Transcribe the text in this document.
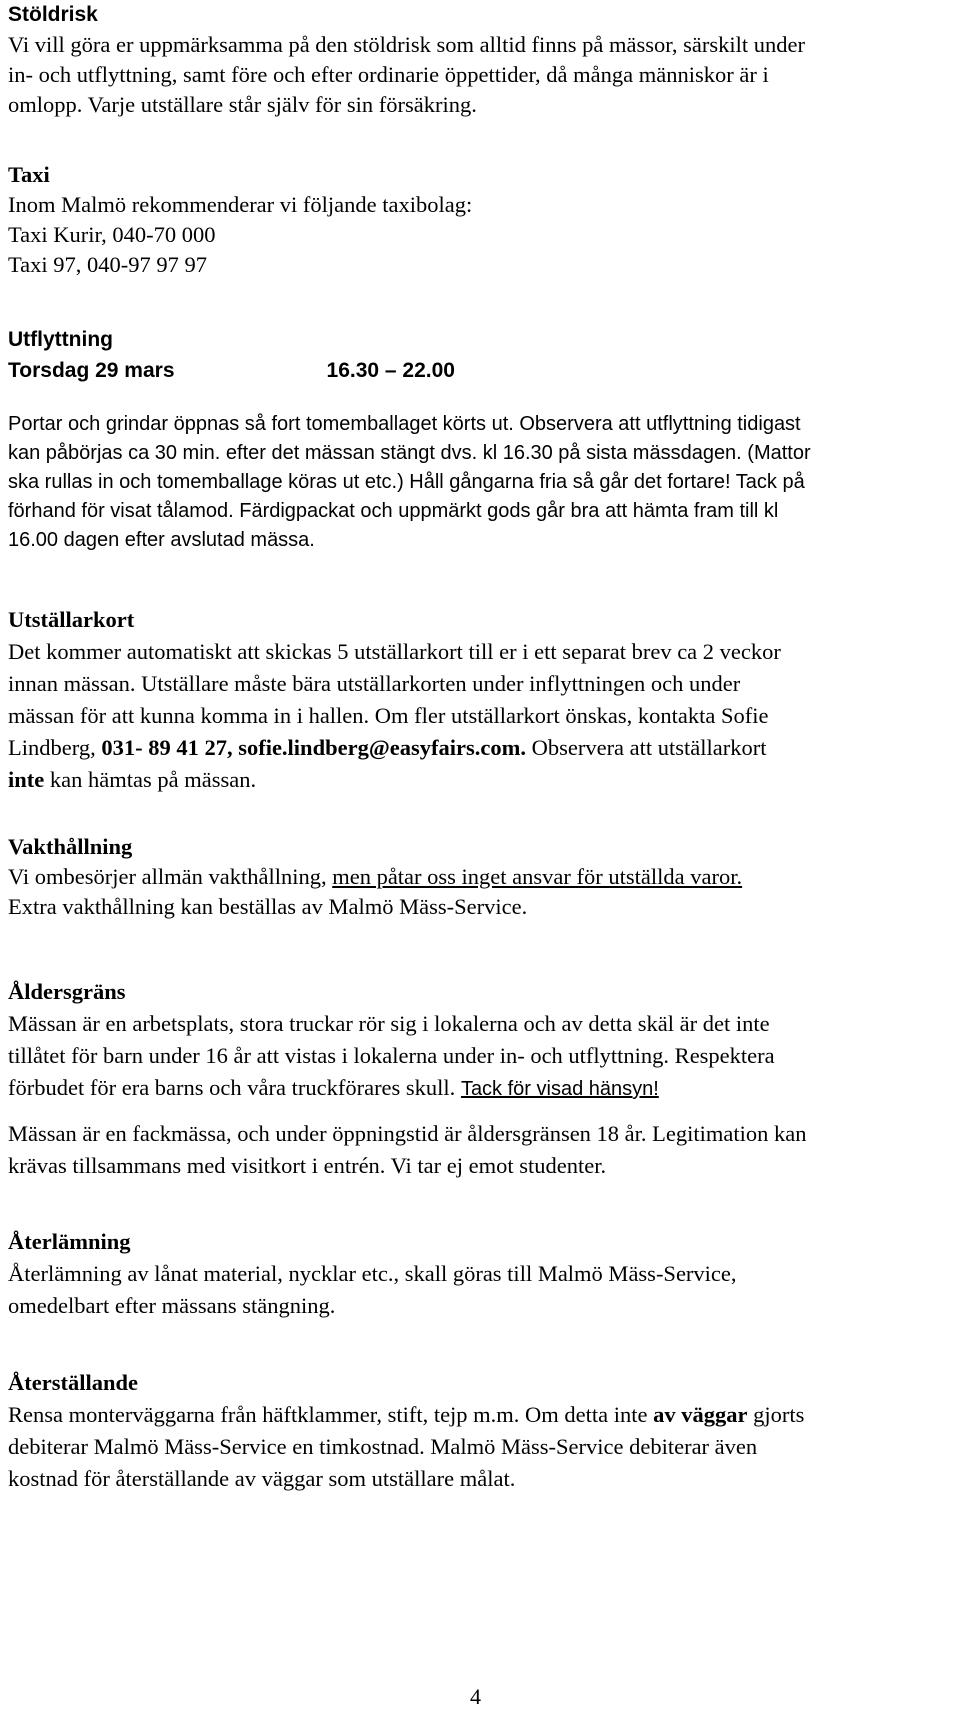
Stöldrisk
Vi vill göra er uppmärksamma på den stöldrisk som alltid finns på mässor, särskilt under
in- och utflyttning, samt före och efter ordinarie öppettider, då många människor är i
omlopp. Varje utställare står själv för sin försäkring.
Taxi
Inom Malmö rekommenderar vi följande taxibolag:
Taxi Kurir, 040-70 000
Taxi 97, 040-97 97 97
Utflyttning
Torsdag 29 mars	16.30 – 22.00
Portar och grindar öppnas så fort tomemballaget körts ut. Observera att utflyttning tidigast
kan påbörjas ca 30 min. efter det mässan stängt dvs. kl 16.30 på sista mässdagen. (Mattor
ska rullas in och tomemballage köras ut etc.) Håll gångarna fria så går det fortare! Tack på
förhand för visat tålamod. Färdigpackat och uppmärkt gods går bra att hämta fram till kl
16.00 dagen efter avslutad mässa.
Utställarkort
Det kommer automatiskt att skickas 5 utställarkort till er i ett separat brev ca 2 veckor
innan mässan. Utställare måste bära utställarkorten under inflyttningen och under
mässan för att kunna komma in i hallen. Om fler utställarkort önskas, kontakta Sofie
Lindberg, 031- 89 41 27, sofie.lindberg@easyfairs.com. Observera att utställarkort
inte kan hämtas på mässan.
Vakthållning
Vi ombesörjer allmän vakthållning, men påtar oss inget ansvar för utställda varor.
Extra vakthållning kan beställas av Malmö Mäss-Service.
Åldersgräns
Mässan är en arbetsplats, stora truckar rör sig i lokalerna och av detta skäl är det inte
tillåtet för barn under 16 år att vistas i lokalerna under in- och utflyttning. Respektera
förbudet för era barns och våra truckförares skull. Tack för visad hänsyn!
Mässan är en fackmässa, och under öppningstid är åldersgränsen 18 år. Legitimation kan
krävas tillsammans med visitkort i entrén. Vi tar ej emot studenter.
Återlämning
Återlämning av lånat material, nycklar etc., skall göras till Malmö Mäss-Service,
omedelbart efter mässans stängning.
Återställande
Rensa monterväggarna från häftklammer, stift, tejp m.m. Om detta inte av väggar gjorts
debiterar Malmö Mäss-Service en timkostnad. Malmö Mäss-Service debiterar även
kostnad för återställande av väggar som utställare målat.
4
